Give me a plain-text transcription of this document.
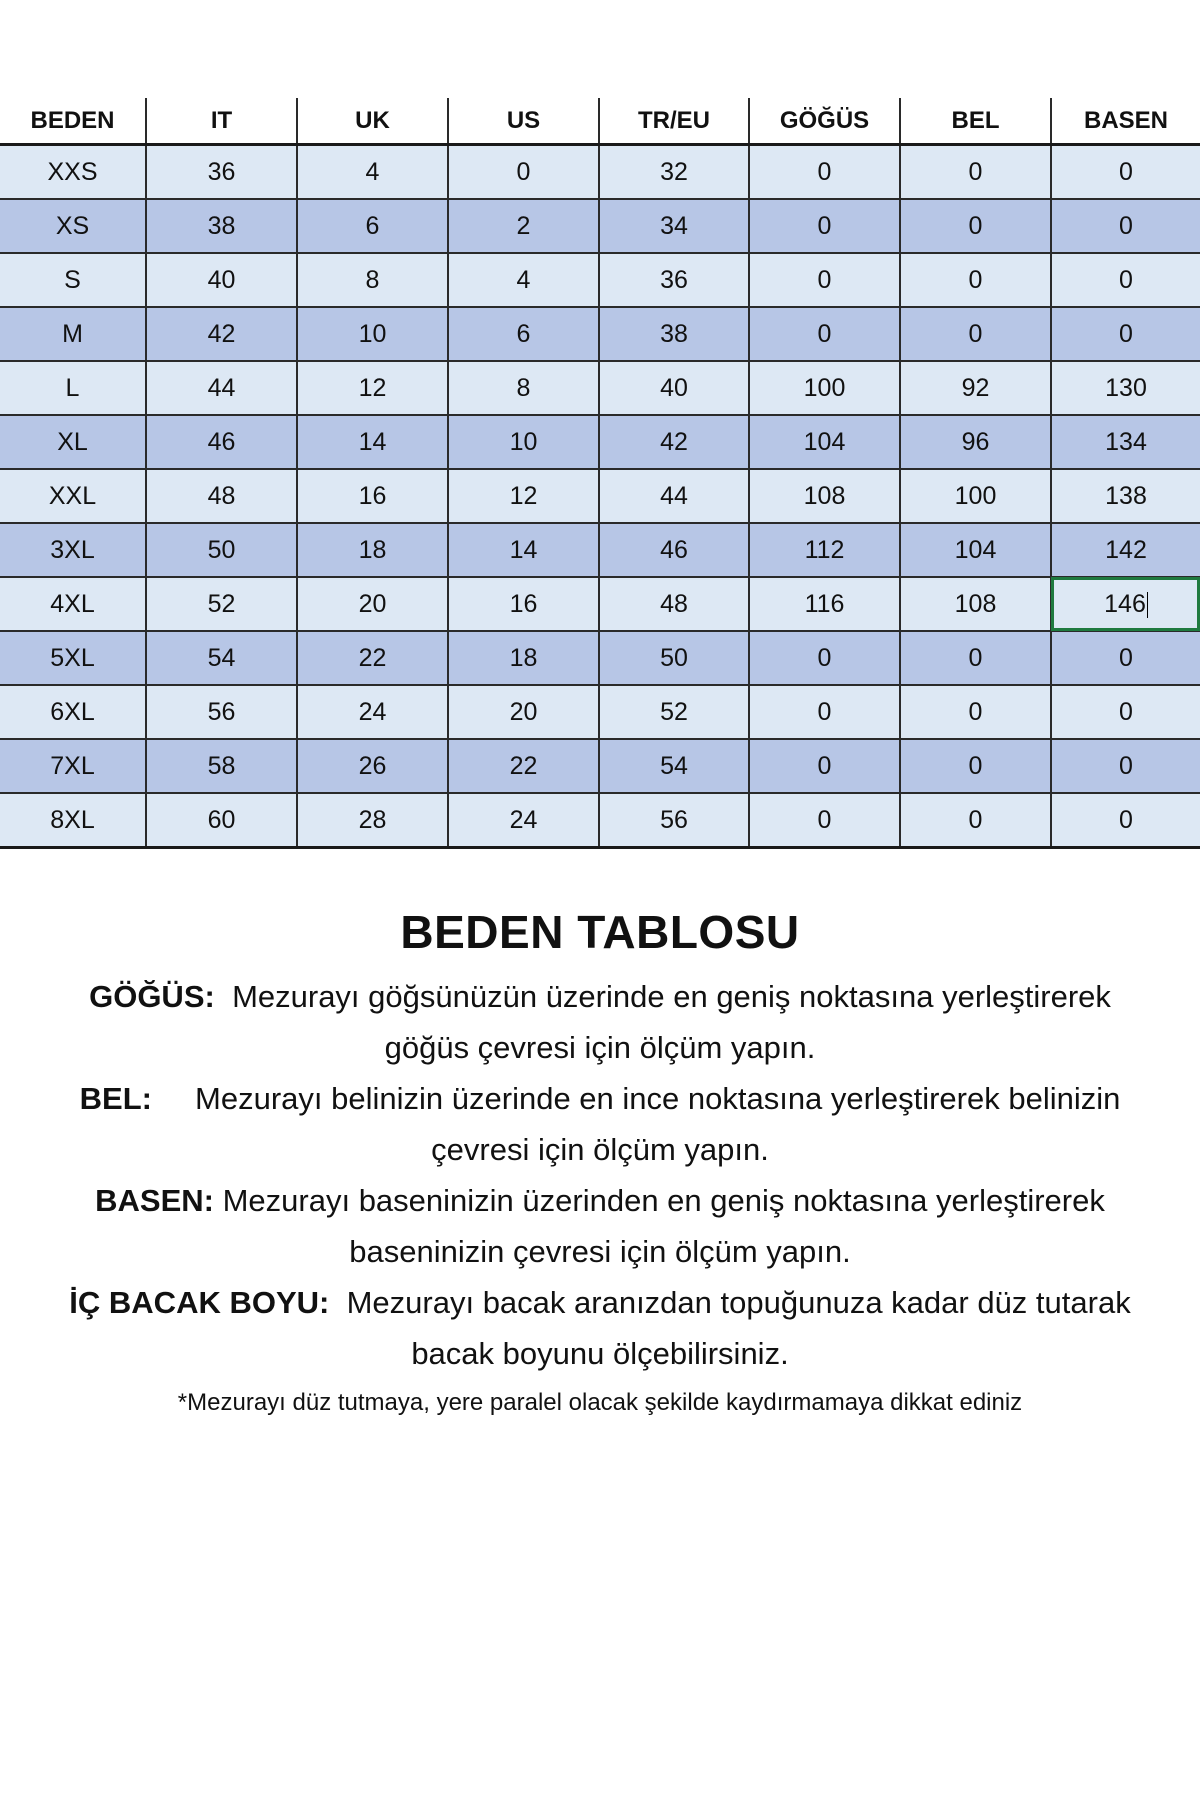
BEDEN	IT	UK	US	TR/EU	GÖĞÜS	BEL	BASEN
XXS	36	4	0	32	0	0	0
XS	38	6	2	34	0	0	0
S	40	8	4	36	0	0	0
M	42	10	6	38	0	0	0
L	44	12	8	40	100	92	130
XL	46	14	10	42	104	96	134
XXL	48	16	12	44	108	100	138
3XL	50	18	14	46	112	104	142
4XL	52	20	16	48	116	108	146
5XL	54	22	18	50	0	0	0
6XL	56	24	20	52	0	0	0
7XL	58	26	22	54	0	0	0
8XL	60	28	24	56	0	0	0
BEDEN TABLOSU
GÖĞÜS: Mezurayı göğsünüzün üzerinde en geniş noktasına yerleştirerek
göğüs çevresi için ölçüm yapın.
BEL: Mezurayı belinizin üzerinde en ince noktasına yerleştirerek belinizin
çevresi için ölçüm yapın.
BASEN: Mezurayı baseninizin üzerinden en geniş noktasına yerleştirerek
baseninizin çevresi için ölçüm yapın.
İÇ BACAK BOYU: Mezurayı bacak aranızdan topuğunuza kadar düz tutarak
bacak boyunu ölçebilirsiniz.
*Mezurayı düz tutmaya, yere paralel olacak şekilde kaydırmamaya dikkat ediniz
